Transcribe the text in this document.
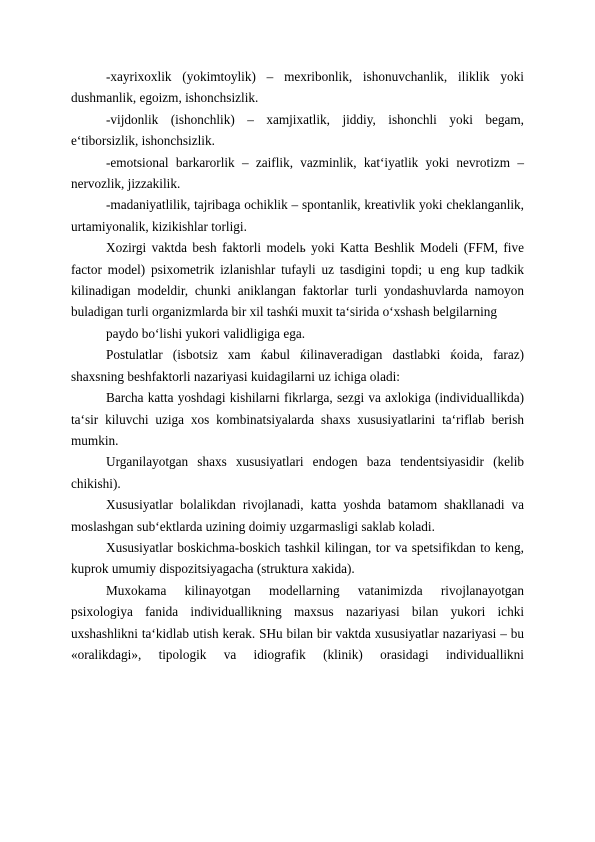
-xayrixoxlik (yokimtoylik) – mexribonlik, ishonuvchanlik, iliklik yoki dushmanlik, egoizm, ishonchsizlik.

-vijdonlik (ishonchlik) – xamjixatlik, jiddiy, ishonchli yoki begam, e‘tiborsizlik, ishonchsizlik.

-emotsional barkarorlik – zaiflik, vazminlik, kat‘iyatlik yoki nevrotizm – nervozlik, jizzakilik.

-madaniyatlilik, tajribaga ochiklik – spontanlik, kreativlik yoki cheklanganlik, urtamiyonalik, kizikishlar torligi.

Xozirgi vaktda besh faktorli modelь yoki Katta Beshlik Modeli (FFM, five factor model) psixometrik izlanishlar tufayli uz tasdigini topdi; u eng kup tadkik kilinadigan modeldir, chunki aniklangan faktorlar turli yondashuvlarda namoyon buladigan turli organizmlarda bir xil tashќi muxit ta‘sirida o‘xshash belgilarning

paydo bo‘lishi yukori validligiga ega.

Postulatlar (isbotsiz xam ќabul ќilinaveradigan dastlabki ќoida, faraz) shaxsning beshfaktorli nazariyasi kuidagilarni uz ichiga oladi:

Barcha katta yoshdagi kishilarni fikrlarga, sezgi va axlokiga (individuallikda) ta‘sir kiluvchi uziga xos kombinatsiyalarda shaxs xususiyatlarini ta‘riflab berish mumkin.

Urganilayotgan shaxs xususiyatlari endogen baza tendentsiyasidir (kelib chikishi).

Xususiyatlar bolalikdan rivojlanadi, katta yoshda batamom shakllanadi va moslashgan sub‘ektlarda uzining doimiy uzgarmasligi saklab koladi.

Xususiyatlar boskichma-boskich tashkil kilingan, tor va spetsifikdan to keng, kuprok umumiy dispozitsiyagacha (struktura xakida).

Muxokama kilinayotgan modellarning vatanimizda rivojlanayotgan psixologiya fanida individuallikning maxsus nazariyasi bilan yukori ichki uxshashlikni ta‘kidlab utish kerak. SHu bilan bir vaktda xususiyatlar nazariyasi – bu «oralikdagi», tipologik va idiografik (klinik) orasidagi individuallikni
